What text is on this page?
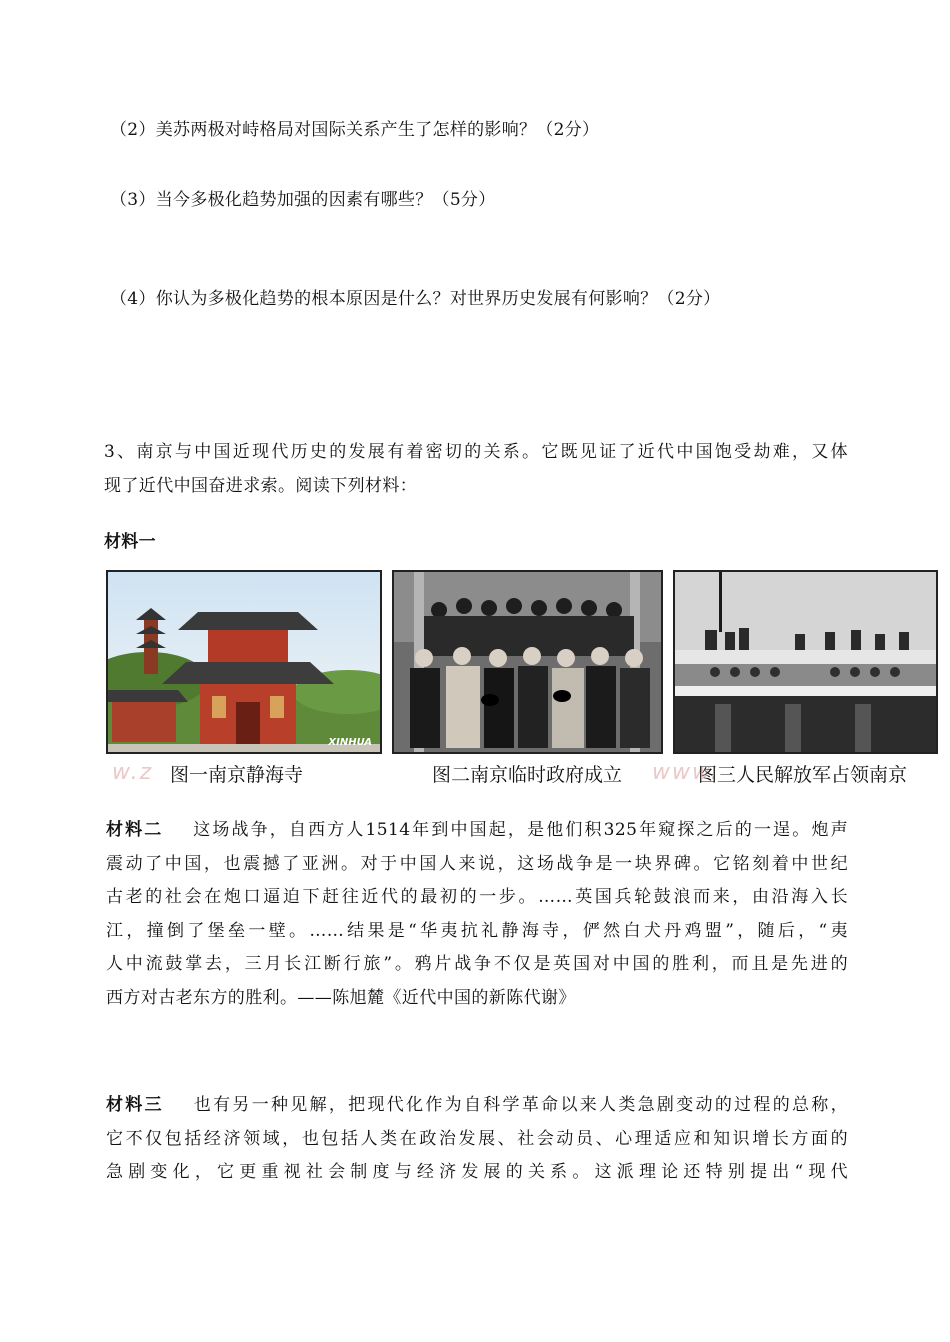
（2）美苏两极对峙格局对国际关系产生了怎样的影响？（2分）
（3）当今多极化趋势加强的因素有哪些？（5分）
（4）你认为多极化趋势的根本原因是什么？对世界历史发展有何影响？（2分）

3、南京与中国近现代历史的发展有着密切的关系。它既见证了近代中国饱受劫难，又体

现了近代中国奋进求索。阅读下列材料：

材料一
XINHUA
w.z	www.
图一南京静海寺	图二南京临时政府成立	图三人民解放军占领南京

材料二 这场战争，自西方人1514年到中国起，是他们积325年窥探之后的一逞。炮声

震动了中国，也震撼了亚洲。对于中国人来说，这场战争是一块界碑。它铭刻着中世纪

古老的社会在炮口逼迫下赶往近代的最初的一步。……英国兵轮鼓浪而来，由沿海入长

江，撞倒了堡垒一壁。……结果是“华夷抗礼静海寺，俨然白犬丹鸡盟”，随后，“夷

人中流鼓掌去，三月长江断行旅”。鸦片战争不仅是英国对中国的胜利，而且是先进的

西方对古老东方的胜利。——陈旭麓《近代中国的新陈代谢》

材料三 也有另一种见解，把现代化作为自科学革命以来人类急剧变动的过程的总称，

它不仅包括经济领域，也包括人类在政治发展、社会动员、心理适应和知识增长方面的

急剧变化，它更重视社会制度与经济发展的关系。这派理论还特别提出“现代
